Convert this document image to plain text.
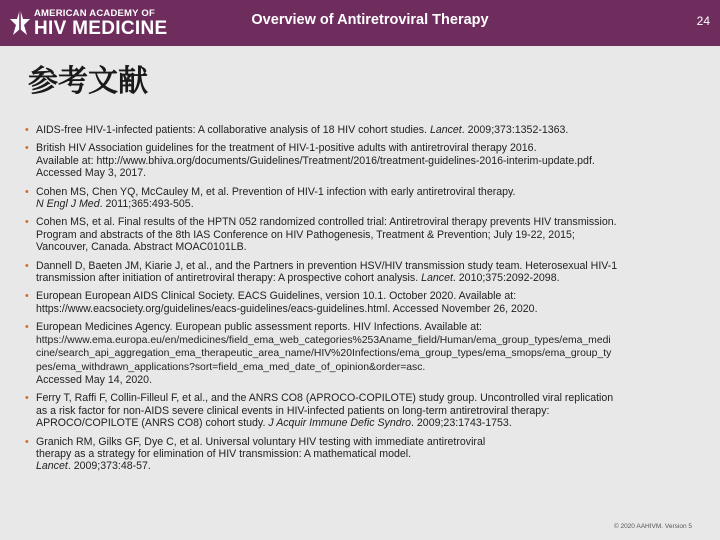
AMERICAN ACADEMY OF
HIV MEDICINE	Overview of Antiretroviral Therapy	24
参考文献
• AIDS-free HIV-1-infected patients: A collaborative analysis of 18 HIV cohort studies. Lancet. 2009;373:1352-1363.
• British HIV Association guidelines for the treatment of HIV-1-positive adults with antiretroviral therapy 2016.
Available at: http://www.bhiva.org/documents/Guidelines/Treatment/2016/treatment-guidelines-2016-interim-update.pdf.
Accessed May 3, 2017.
• Cohen MS, Chen YQ, McCauley M, et al. Prevention of HIV-1 infection with early antiretroviral therapy.
N Engl J Med. 2011;365:493-505.
• Cohen MS, et al. Final results of the HPTN 052 randomized controlled trial: Antiretroviral therapy prevents HIV transmission.
Program and abstracts of the 8th IAS Conference on HIV Pathogenesis, Treatment & Prevention; July 19-22, 2015;
Vancouver, Canada. Abstract MOAC0101LB.
• Dannell D, Baeten JM, Kiarie J, et al., and the Partners in prevention HSV/HIV transmission study team. Heterosexual HIV-1
transmission after initiation of antiretroviral therapy: A prospective cohort analysis. Lancet. 2010;375:2092-2098.
• European European AIDS Clinical Society. EACS Guidelines, version 10.1. October 2020. Available at:
https://www.eacsociety.org/guidelines/eacs-guidelines/eacs-guidelines.html. Accessed November 26, 2020.
• European Medicines Agency. European public assessment reports. HIV Infections. Available at:
https://www.ema.europa.eu/en/medicines/field_ema_web_categories%253Aname_field/Human/ema_group_types/ema_medi
cine/search_api_aggregation_ema_therapeutic_area_name/HIV%20Infections/ema_group_types/ema_smops/ema_group_ty
pes/ema_withdrawn_applications?sort=field_ema_med_date_of_opinion&order=asc.
Accessed May 14, 2020.
• Ferry T, Raffi F, Collin-Filleul F, et al., and the ANRS CO8 (APROCO-COPILOTE) study group. Uncontrolled viral replication
as a risk factor for non-AIDS severe clinical events in HIV-infected patients on long-term antiretroviral therapy:
APROCO/COPILOTE (ANRS CO8) cohort study. J Acquir Immune Defic Syndro. 2009;23:1743-1753.
• Granich RM, Gilks GF, Dye C, et al. Universal voluntary HIV testing with immediate antiretroviral
therapy as a strategy for elimination of HIV transmission: A mathematical model.
Lancet. 2009;373:48-57.
© 2020 AAHIVM. Version 5
